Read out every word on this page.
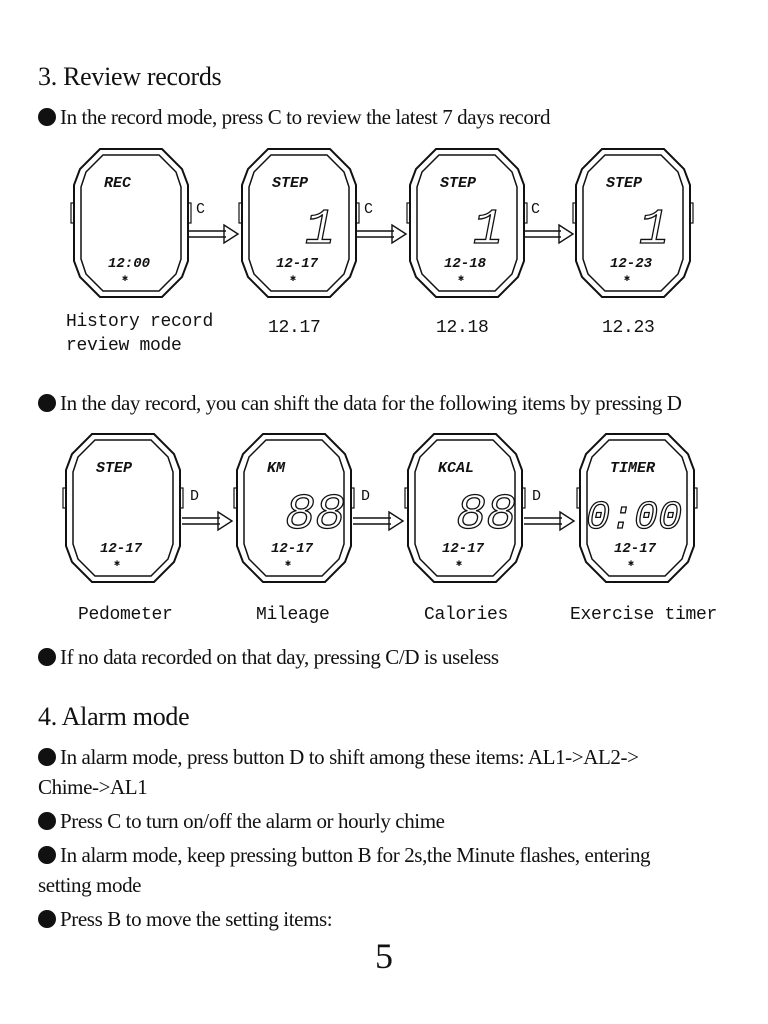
3. Review records
In the record mode, press C to review the latest 7 days record
REC
12:00
✱
C
STEP
1
12-17
✱
C
STEP
1
12-18
✱
C
STEP
1
12-23
✱
History record
review mode
12.17	12.18	12.23
In the day record, you can shift the data for the following items by pressing D
STEP
12-17
✱
D
KM
88
12-17
✱
D
KCAL
88
12-17
✱
D
TIMER
0:00
12-17
✱
Pedometer	Mileage	Calories	Exercise timer
If no data recorded on that day, pressing C/D is useless
4. Alarm mode
In alarm mode, press button D to shift among these items: AL1->AL2->
Chime->AL1
Press C to turn on/off the alarm or hourly chime
In alarm mode, keep pressing button B for 2s,the Minute flashes, entering
setting mode
Press B to move the setting items:
5
